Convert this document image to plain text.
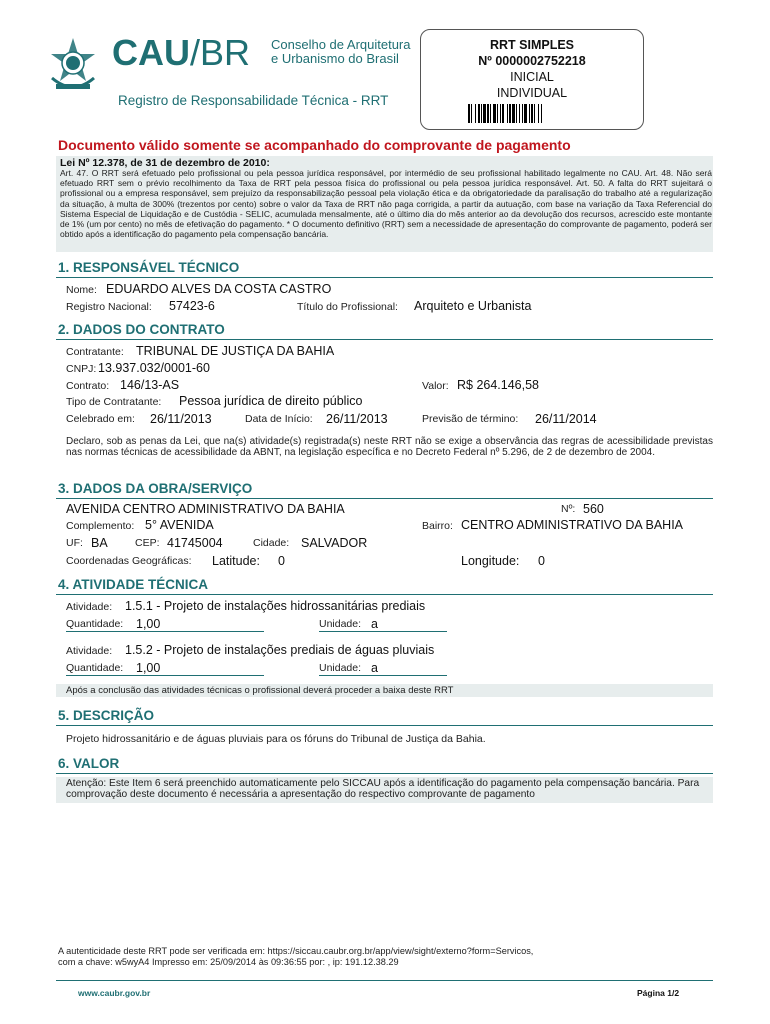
CAU/BR Conselho de Arquitetura
e Urbanismo do Brasil
Registro de Responsabilidade Técnica - RRT
RRT SIMPLES
Nº 0000002752218
INICIAL
INDIVIDUAL
Documento válido somente se acompanhado do comprovante de pagamento
Lei Nº 12.378, de 31 de dezembro de 2010:
Art. 47. O RRT será efetuado pelo profissional ou pela pessoa jurídica responsável, por intermédio de seu profissional habilitado legalmente no CAU. Art. 48. Não será efetuado RRT sem o prévio recolhimento da Taxa de RRT pela pessoa física do profissional ou pela pessoa jurídica responsável. Art. 50. A falta do RRT sujeitará o profissional ou a empresa responsável, sem prejuízo da responsabilização pessoal pela violação ética e da obrigatoriedade da paralisação do trabalho até a regularização da situação, à multa de 300% (trezentos por cento) sobre o valor da Taxa de RRT não paga corrigida, a partir da autuação, com base na variação da Taxa Referencial do Sistema Especial de Liquidação e de Custódia - SELIC, acumulada mensalmente, até o último dia do mês anterior ao da devolução dos recursos, acrescido este montante de 1% (um por cento) no mês de efetivação do pagamento. * O documento definitivo (RRT) sem a necessidade de apresentação do comprovante de pagamento, poderá ser obtido após a identificação do pagamento pela compensação bancária.
1. RESPONSÁVEL TÉCNICO
Nome: EDUARDO ALVES DA COSTA CASTRO
Registro Nacional: 57423-6	Título do Profissional: Arquiteto e Urbanista
2. DADOS DO CONTRATO
Contratante: TRIBUNAL DE JUSTIÇA DA BAHIA
CNPJ: 13.937.032/0001-60
Contrato: 146/13-AS	Valor: R$ 264.146,58
Tipo de Contratante: Pessoa jurídica de direito público
Celebrado em: 26/11/2013	Data de Início: 26/11/2013	Previsão de término: 26/11/2014
Declaro, sob as penas da Lei, que na(s) atividade(s) registrada(s) neste RRT não se exige a observância das regras de acessibilidade previstas nas normas técnicas de acessibilidade da ABNT, na legislação específica e no Decreto Federal nº 5.296, de 2 de dezembro de 2004.
3. DADOS DA OBRA/SERVIÇO
AVENIDA CENTRO ADMINISTRATIVO DA BAHIA	Nº: 560
Complemento: 5° AVENIDA	Bairro: CENTRO ADMINISTRATIVO DA BAHIA
UF: BA	CEP: 41745004	Cidade: SALVADOR
Coordenadas Geográficas: Latitude: 0	Longitude: 0
4. ATIVIDADE TÉCNICA
Atividade: 1.5.1 - Projeto de instalações hidrossanitárias prediais
Quantidade: 1,00	Unidade: a
Atividade: 1.5.2 - Projeto de instalações prediais de águas pluviais
Quantidade: 1,00	Unidade: a
Após a conclusão das atividades técnicas o profissional deverá proceder a baixa deste RRT
5. DESCRIÇÃO
Projeto hidrossanitário e de águas pluviais para os fóruns do Tribunal de Justiça da Bahia.
6. VALOR
Atenção: Este Item 6 será preenchido automaticamente pelo SICCAU após a identificação do pagamento pela compensação bancária. Para comprovação deste documento é necessária a apresentação do respectivo comprovante de pagamento
A autenticidade deste RRT pode ser verificada em: https://siccau.caubr.org.br/app/view/sight/externo?form=Servicos,
com a chave: w5wyA4 Impresso em: 25/09/2014 às 09:36:55 por: , ip: 191.12.38.29
www.caubr.gov.br	Página 1/2
